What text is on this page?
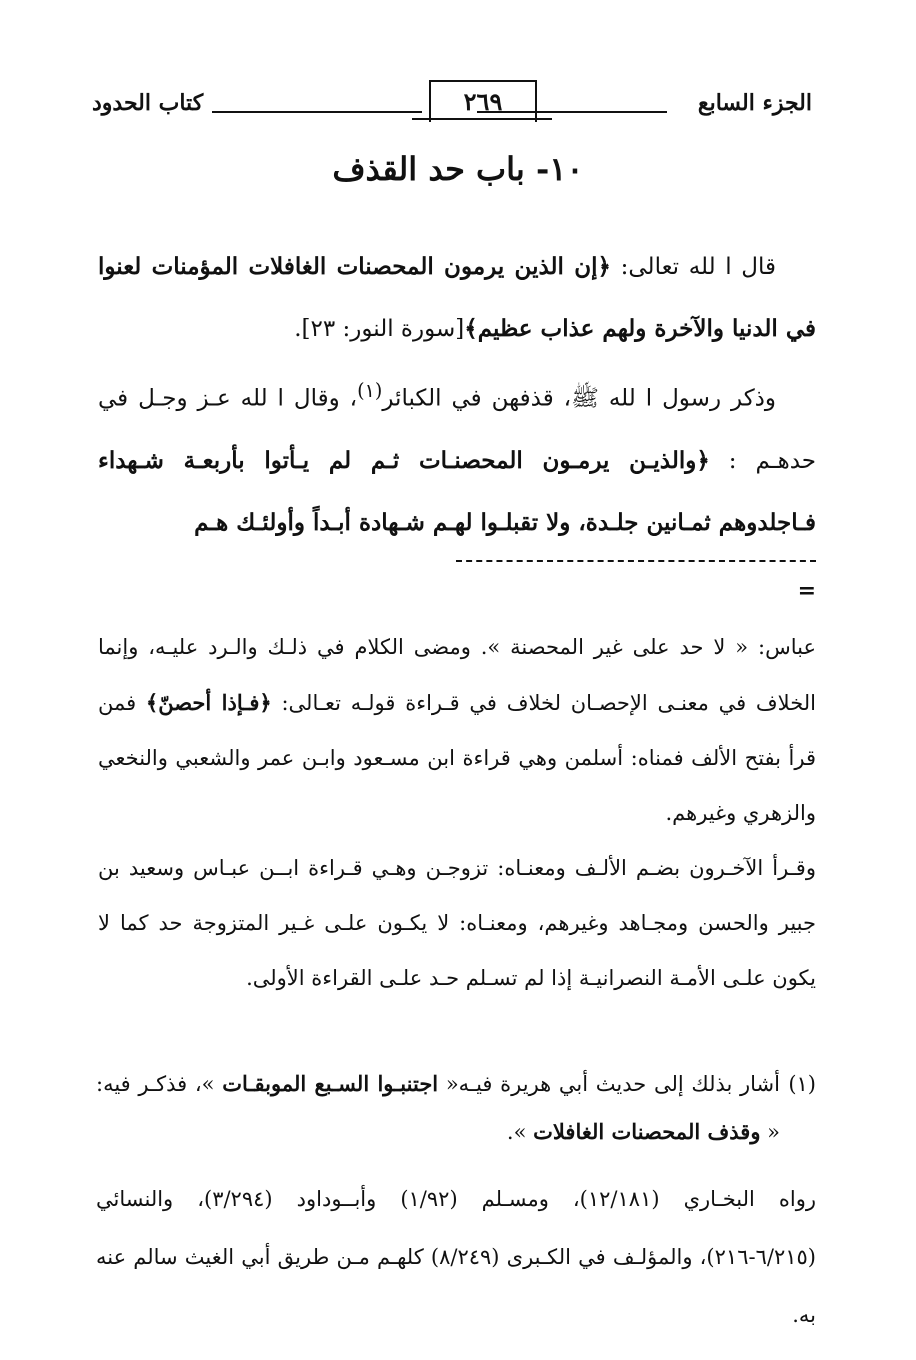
الجزء السابع
٢٦٩
كتاب الحدود
١٠- باب حد القذف

قال ا لله تعالى: ﴿إن الذين يرمون المحصنات الغافلات المؤمنات لعنوا في الدنيا والآخرة ولهم عذاب عظيم﴾[سورة النور: ٢٣].

وذكر رسول ا لله ﷺ، قذفهن في الكبائر$^{(١)}$، وقال ا لله عـز وجـل في حدهـم : ﴿والذيـن يرمـون المحصنـات ثـم لم يـأتوا بأربعـة شـهداء فـاجلدوهم ثمـانين جلـدة، ولا تقبلـوا لهـم شـهادة أبـداً وأولئـك هـم

=

عباس: « لا حد على غير المحصنة ». ومضى الكلام في ذلـك والـرد عليـه، وإنما الخلاف في معنـى الإحصـان لخلاف في قـراءة قولـه تعـالى: ﴿فـإذا أحصنّ﴾ فمن قرأ بفتح الألف فمناه: أسلمن وهي قراءة ابن مسـعود وابـن عمر والشعبي والنخعي والزهري وغيرهم.

وقـرأ الآخـرون بضـم الألـف ومعنـاه: تزوجـن وهـي قـراءة ابــن عبـاس وسعيد بن جبير والحسن ومجـاهد وغيرهم، ومعنـاه: لا يكـون علـى غـير المتزوجة حد كما لا يكون علـى الأمـة النصرانيـة إذا لم تسـلم حـد علـى القراءة الأولى.

(١)
أشار بذلك إلى حديث أبي هريرة فيـه« اجتنبـوا السـبع الموبقـات »، فذكـر فيه: « وقذف المحصنات الغافلات ».

رواه البخـاري (١٢/١٨١)، ومسـلم (١/٩٢) وأبــوداود (٣/٢٩٤)، والنسائي (٦/٢١٥-٢١٦)، والمؤلـف في الكـبرى (٨/٢٤٩) كلهـم مـن طريق أبي الغيث سالم عنه به.
